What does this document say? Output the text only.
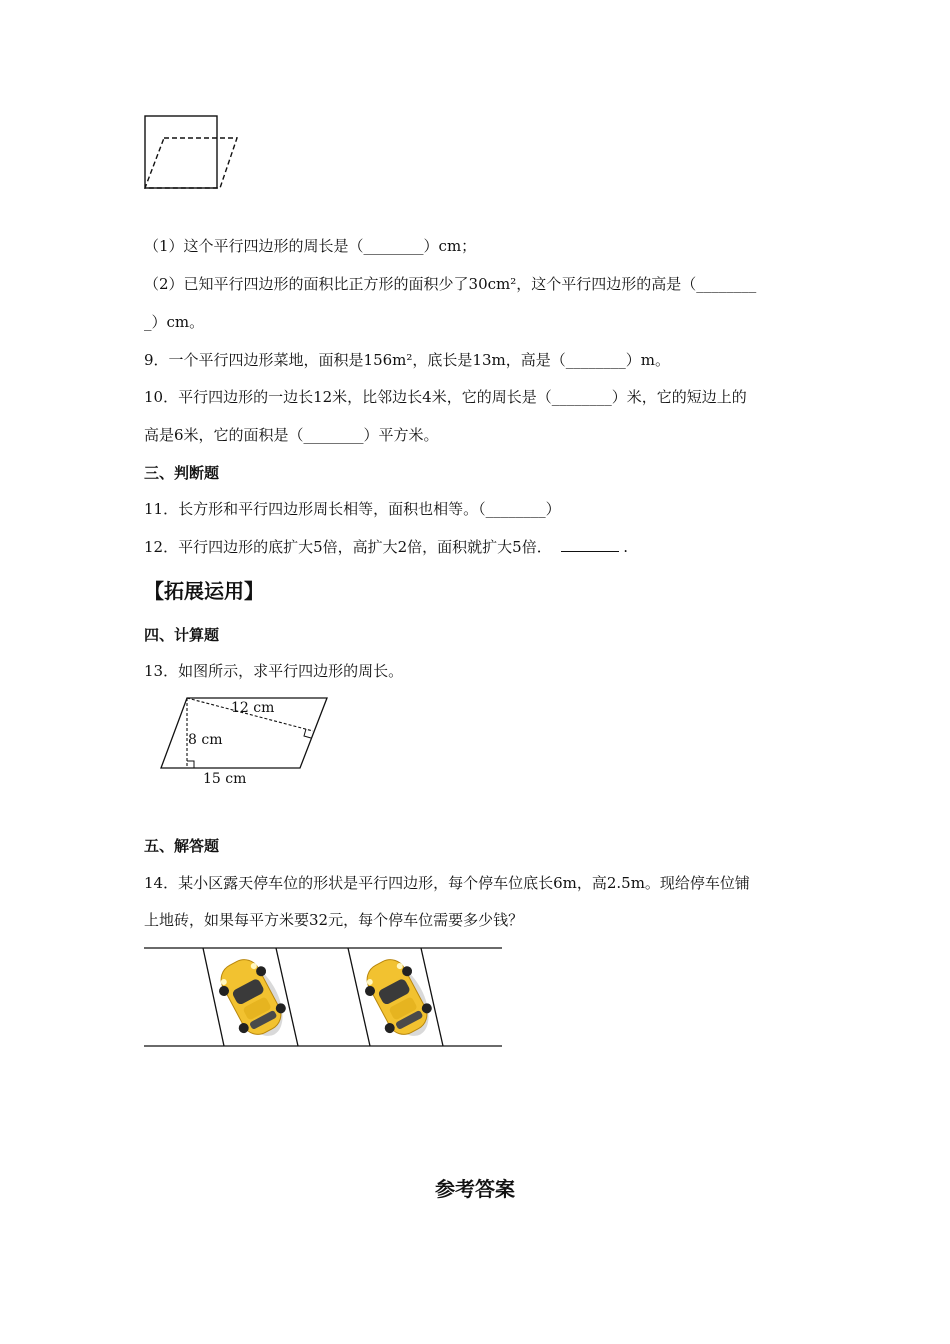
（1）这个平行四边形的周长是（________）cm；
（2）已知平行四边形的面积比正方形的面积少了30cm²，这个平行四边形的高是（________
_）cm。
9．一个平行四边形菜地，面积是156m²，底长是13m，高是（________）m。
10．平行四边形的一边长12米，比邻边长4米，它的周长是（________）米，它的短边上的
高是6米，它的面积是（________）平方米。
三、判断题
11．长方形和平行四边形周长相等，面积也相等。（________）
12．平行四边形的底扩大5倍，高扩大2倍，面积就扩大5倍．	.
【拓展运用】
四、计算题
13．如图所示，求平行四边形的周长。
12 cm
8 cm
15 cm
五、解答题
14．某小区露天停车位的形状是平行四边形，每个停车位底长6m，高2.5m。现给停车位铺
上地砖，如果每平方米要32元，每个停车位需要多少钱？
参考答案
